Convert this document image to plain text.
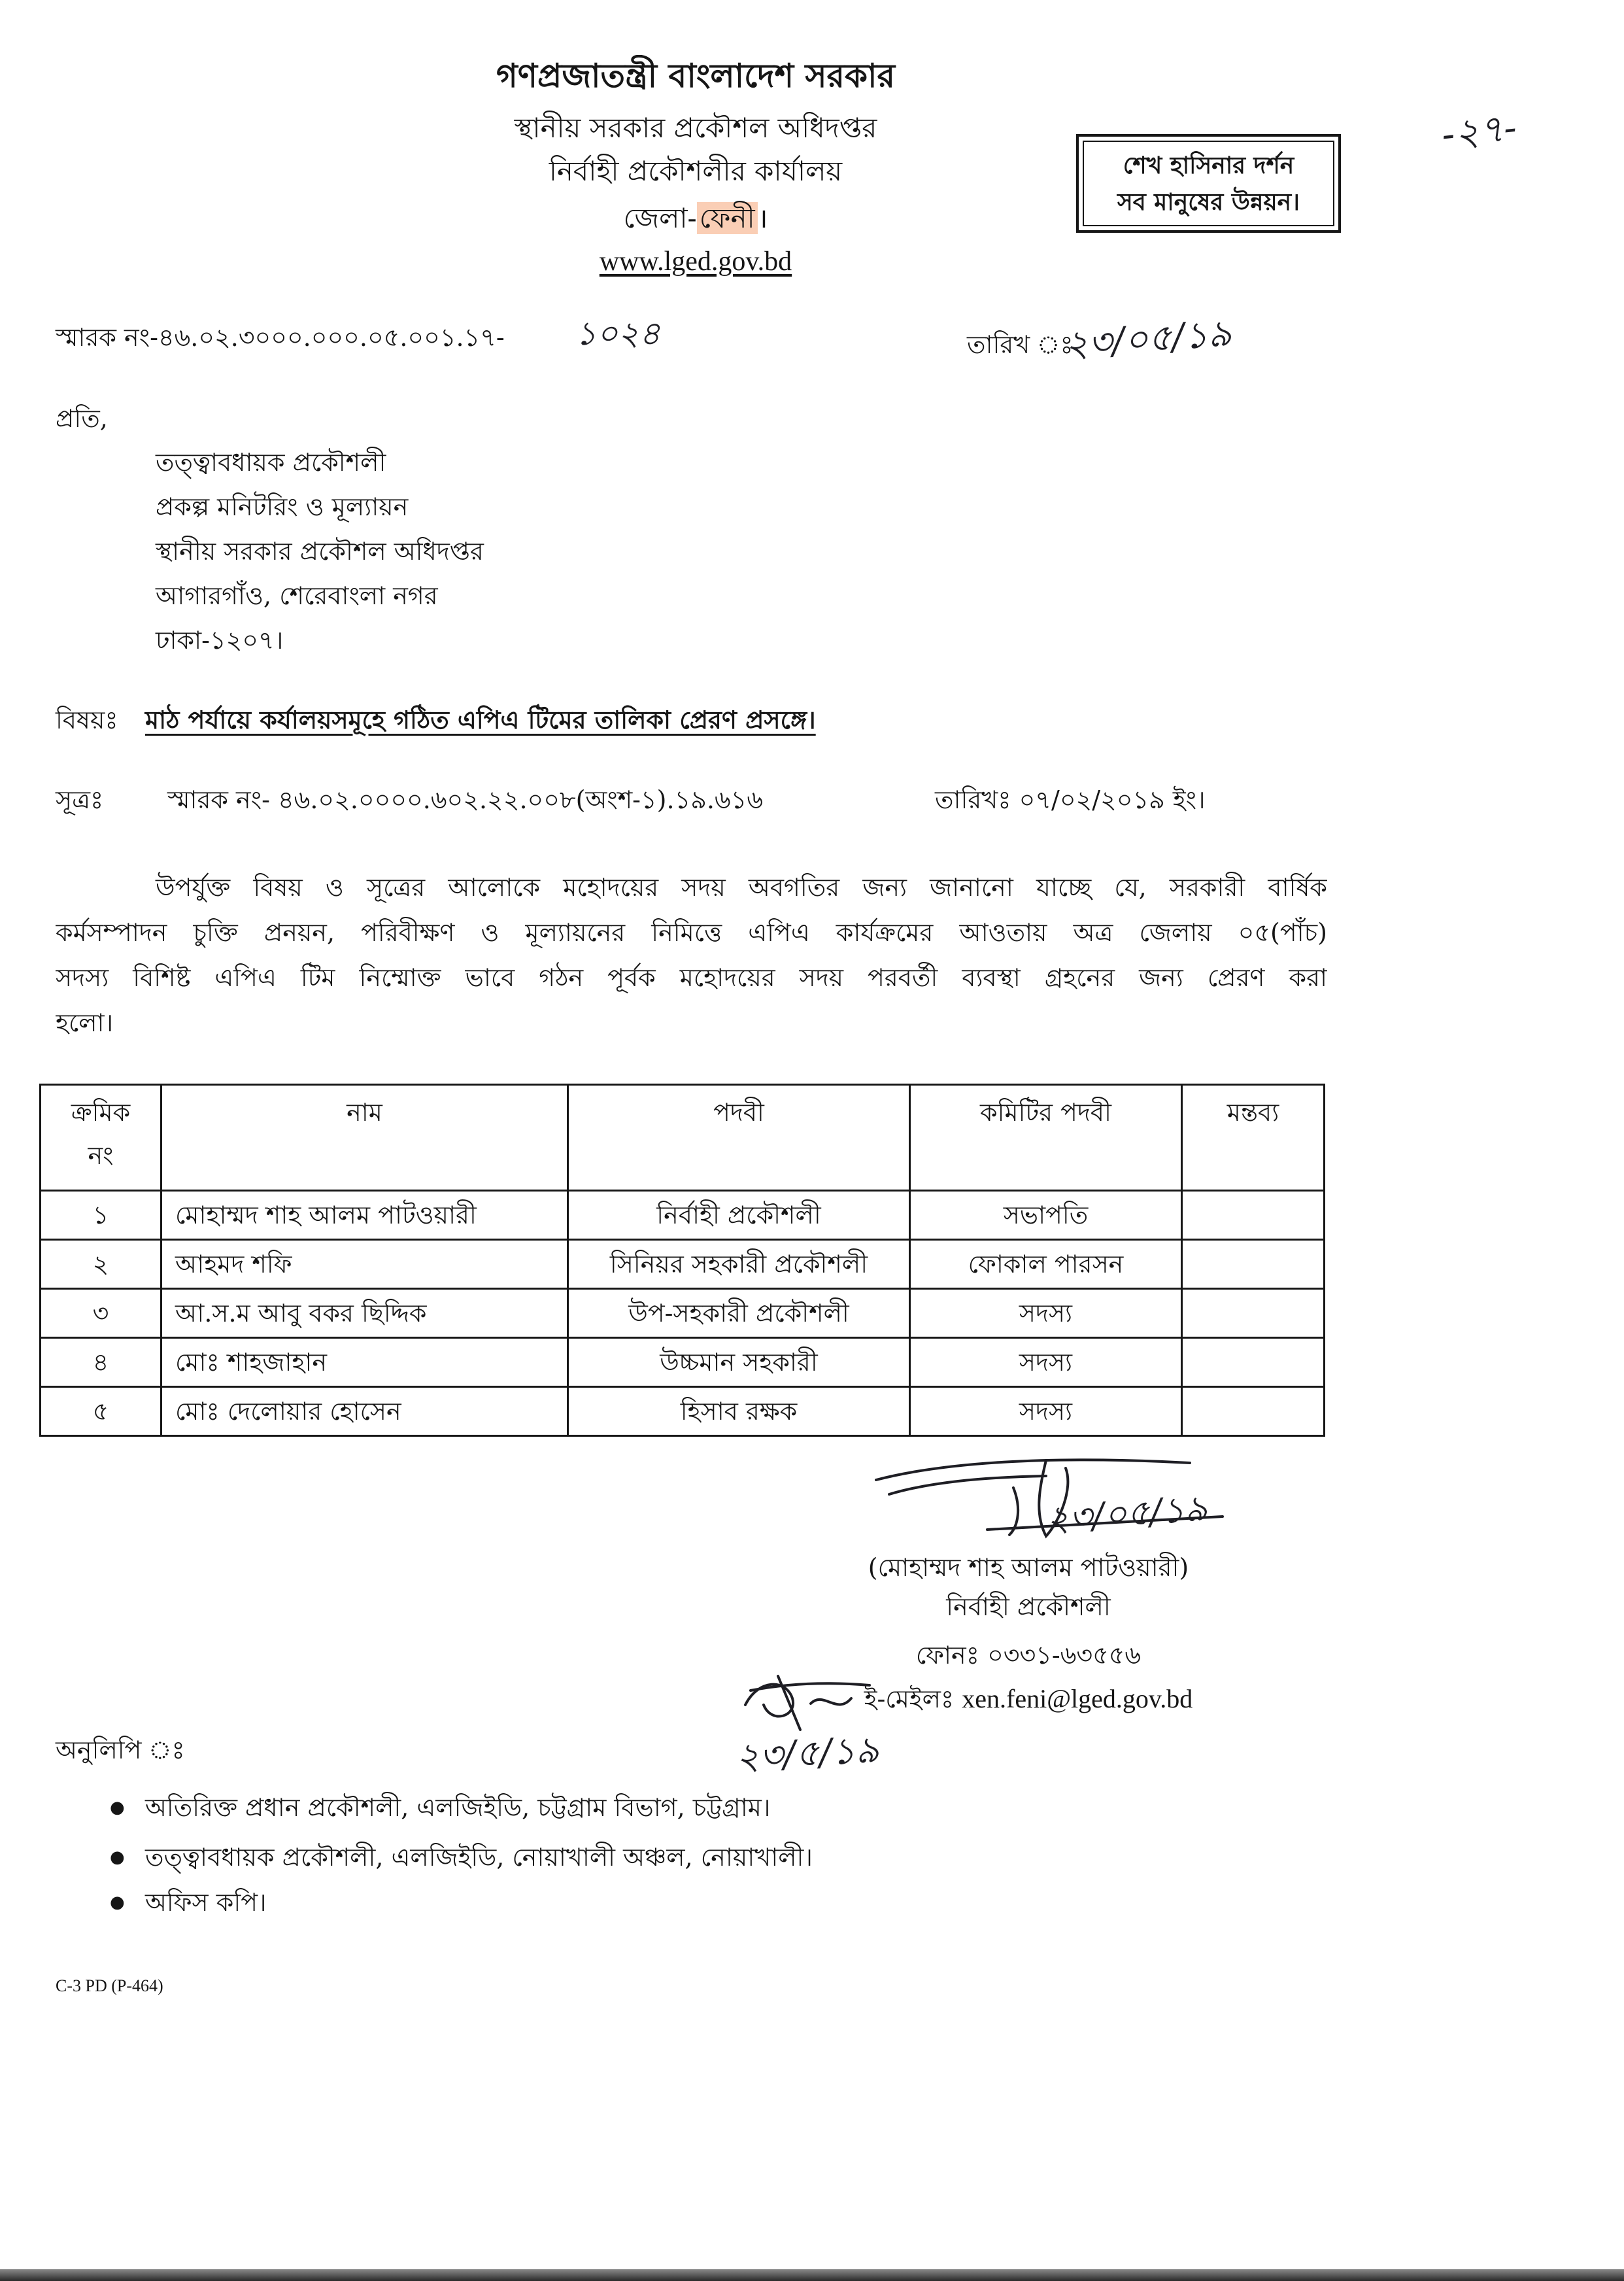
গণপ্রজাতন্ত্রী বাংলাদেশ সরকার
স্থানীয় সরকার প্রকৌশল অধিদপ্তর
নির্বাহী প্রকৌশলীর কার্যালয়
জেলা-ফেনী।
www.lged.gov.bd
শেখ হাসিনার দর্শন
সব মানুষের উন্নয়ন।
-২৭-
স্মারক নং-৪৬.০২.৩০০০.০০০.০৫.০০১.১৭- ১০২৪	তারিখ ঃ
২৩/০৫/১৯
প্রতি,
তত্ত্বাবধায়ক প্রকৌশলী
প্রকল্প মনিটরিং ও মূল্যায়ন
স্থানীয় সরকার প্রকৌশল অধিদপ্তর
আগারগাঁও, শেরেবাংলা নগর
ঢাকা-১২০৭।
বিষয়ঃ মাঠ পর্যায়ে কর্যালয়সমূহে গঠিত এপিএ টিমের তালিকা প্রেরণ প্রসঙ্গে।
সূত্রঃ	স্মারক নং- ৪৬.০২.০০০০.৬০২.২২.০০৮(অংশ-১).১৯.৬১৬	তারিখঃ ০৭/০২/২০১৯ ইং।
উপর্যুক্ত বিষয় ও সূত্রের আলোকে মহোদয়ের সদয় অবগতির জন্য জানানো যাচ্ছে যে, সরকারী বার্ষিক
কর্মসম্পাদন চুক্তি প্রনয়ন, পরিবীক্ষণ ও মূল্যায়নের নিমিত্তে এপিএ কার্যক্রমের আওতায় অত্র জেলায় ০৫(পাঁচ)
সদস্য বিশিষ্ট এপিএ টিম নিম্মোক্ত ভাবে গঠন পূর্বক মহোদয়ের সদয় পরবর্তী ব্যবস্থা গ্রহনের জন্য প্রেরণ করা
হলো।
ক্রমিক নং	নাম	পদবী	কমিটির পদবী	মন্তব্য
১	মোহাম্মদ শাহ আলম পাটওয়ারী	নির্বাহী প্রকৌশলী	সভাপতি	
২	আহমদ শফি	সিনিয়র সহকারী প্রকৌশলী	ফোকাল পারসন	
৩	আ.স.ম আবু বকর ছিদ্দিক	উপ-সহকারী প্রকৌশলী	সদস্য	
৪	মোঃ শাহজাহান	উচ্চমান সহকারী	সদস্য	
৫	মোঃ দেলোয়ার হোসেন	হিসাব রক্ষক	সদস্য	
২৩/০৫/১৯
(মোহাম্মদ শাহ আলম পাটওয়ারী)
নির্বাহী প্রকৌশলী
ফোনঃ ০৩৩১-৬৩৫৫৬
ই-মেইলঃ xen.feni@lged.gov.bd
২৩/৫/১৯
অনুলিপি ঃ
● অতিরিক্ত প্রধান প্রকৌশলী, এলজিইডি, চট্টগ্রাম বিভাগ, চট্টগ্রাম।
● তত্ত্বাবধায়ক প্রকৌশলী, এলজিইডি, নোয়াখালী অঞ্চল, নোয়াখালী।
● অফিস কপি।
C-3 PD (P-464)
